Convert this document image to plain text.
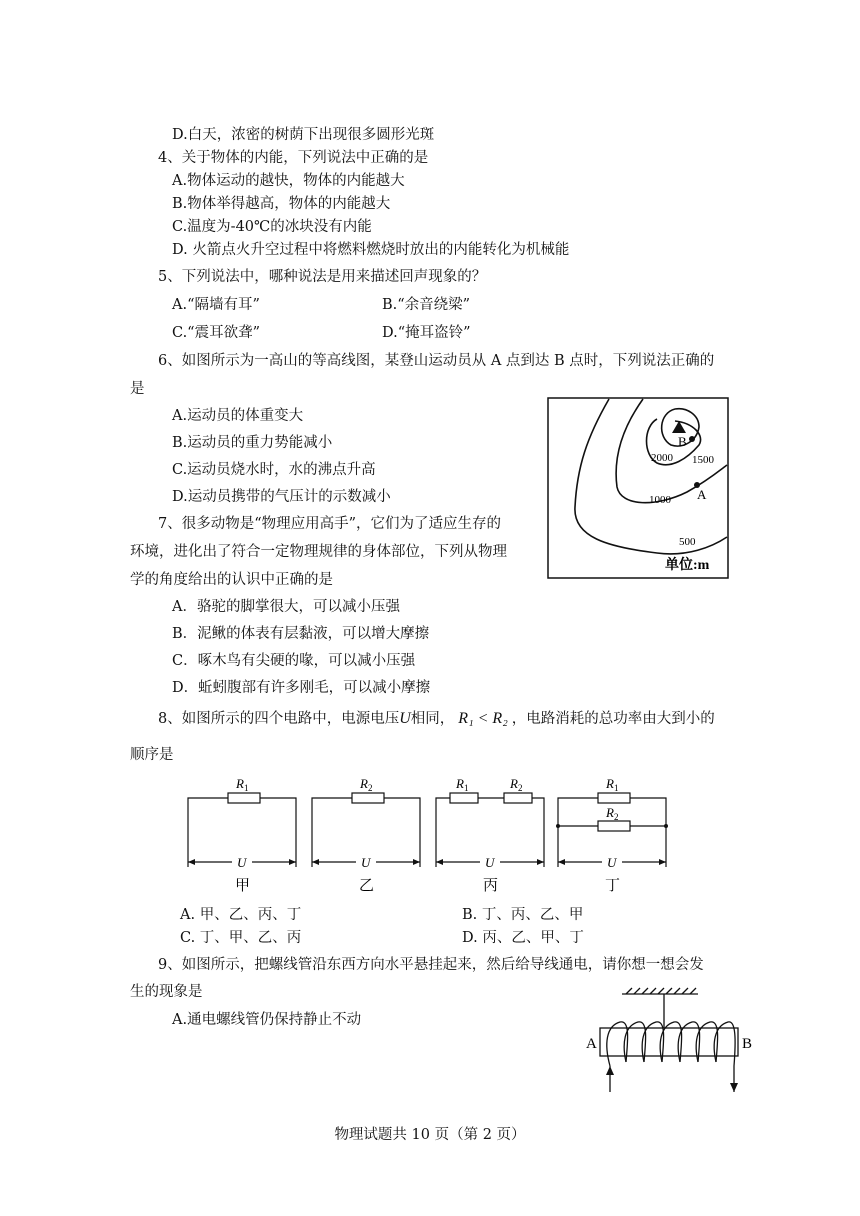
D.白天，浓密的树荫下出现很多圆形光斑
4、关于物体的内能，下列说法中正确的是
A.物体运动的越快，物体的内能越大
B.物体举得越高，物体的内能越大
C.温度为-40℃的冰块没有内能
D. 火箭点火升空过程中将燃料燃烧时放出的内能转化为机械能
5、下列说法中，哪种说法是用来描述回声现象的？
A.“隔墙有耳”	B.“余音绕梁”
C.“震耳欲聋”	D.“掩耳盗铃”
6、如图所示为一高山的等高线图，某登山运动员从 A 点到达 B 点时，下列说法正确的
是
A.运动员的体重变大
B.运动员的重力势能减小
C.运动员烧水时，水的沸点升高
D.运动员携带的气压计的示数减小
B
2000 1500
1000 A
500
单位:m
7、很多动物是“物理应用高手”，它们为了适应生存的
环境，进化出了符合一定物理规律的身体部位，下列从物理
学的角度给出的认识中正确的是
A．骆驼的脚掌很大，可以减小压强
B．泥鳅的体表有层黏液，可以增大摩擦
C．啄木鸟有尖硬的喙，可以减小压强
D．蚯蚓腹部有许多刚毛，可以减小摩擦
8、如图所示的四个电路中，电源电压U相同， R₁ < R₂ ，电路消耗的总功率由大到小的
顺序是
$R_1$	$R_2$	$R_1$	$R_2$	$R_1$
$R_2$
U	U	U	U
甲	乙	丙	丁
A. 甲、乙、丙、丁	B. 丁、丙、乙、甲
C. 丁、甲、乙、丙	D. 丙、乙、甲、丁
9、如图所示，把螺线管沿东西方向水平悬挂起来，然后给导线通电，请你想一想会发
生的现象是
A.通电螺线管仍保持静止不动
A	B
物理试题共 10 页（第 2 页）
